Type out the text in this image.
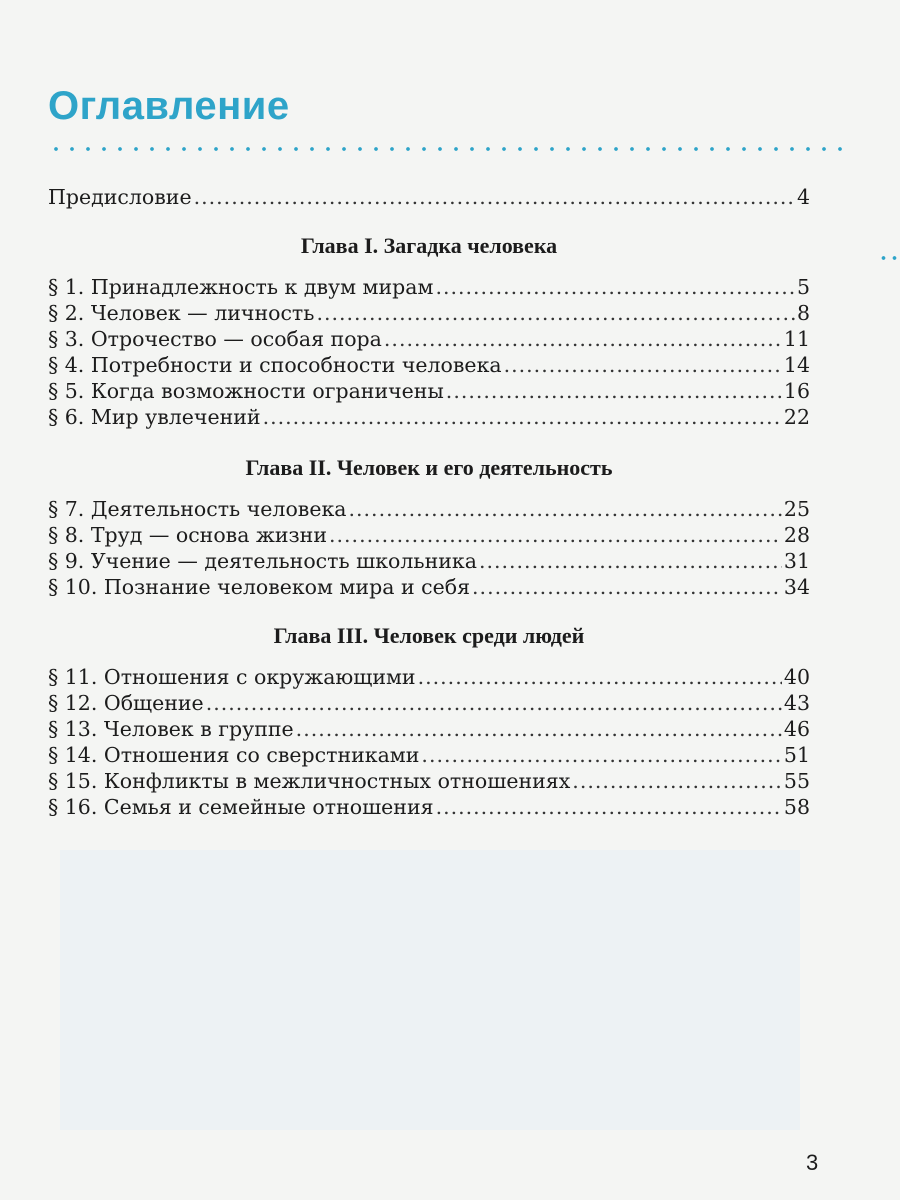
Оглавление
Предисловие .....	4
Глава I. Загадка человека
§ 1. Принадлежность к двум мирам .....	5
§ 2. Человек — личность .....	8
§ 3. Отрочество — особая пора .....	11
§ 4. Потребности и способности человека .....	14
§ 5. Когда возможности ограничены .....	16
§ 6. Мир увлечений .....	22
Глава II. Человек и его деятельность
§ 7. Деятельность человека .....	25
§ 8. Труд — основа жизни .....	28
§ 9. Учение — деятельность школьника .....	31
§ 10. Познание человеком мира и себя .....	34
Глава III. Человек среди людей
§ 11. Отношения с окружающими .....	40
§ 12. Общение .....	43
§ 13. Человек в группе .....	46
§ 14. Отношения со сверстниками .....	51
§ 15. Конфликты в межличностных отношениях .....	55
§ 16. Семья и семейные отношения .....	58
3
